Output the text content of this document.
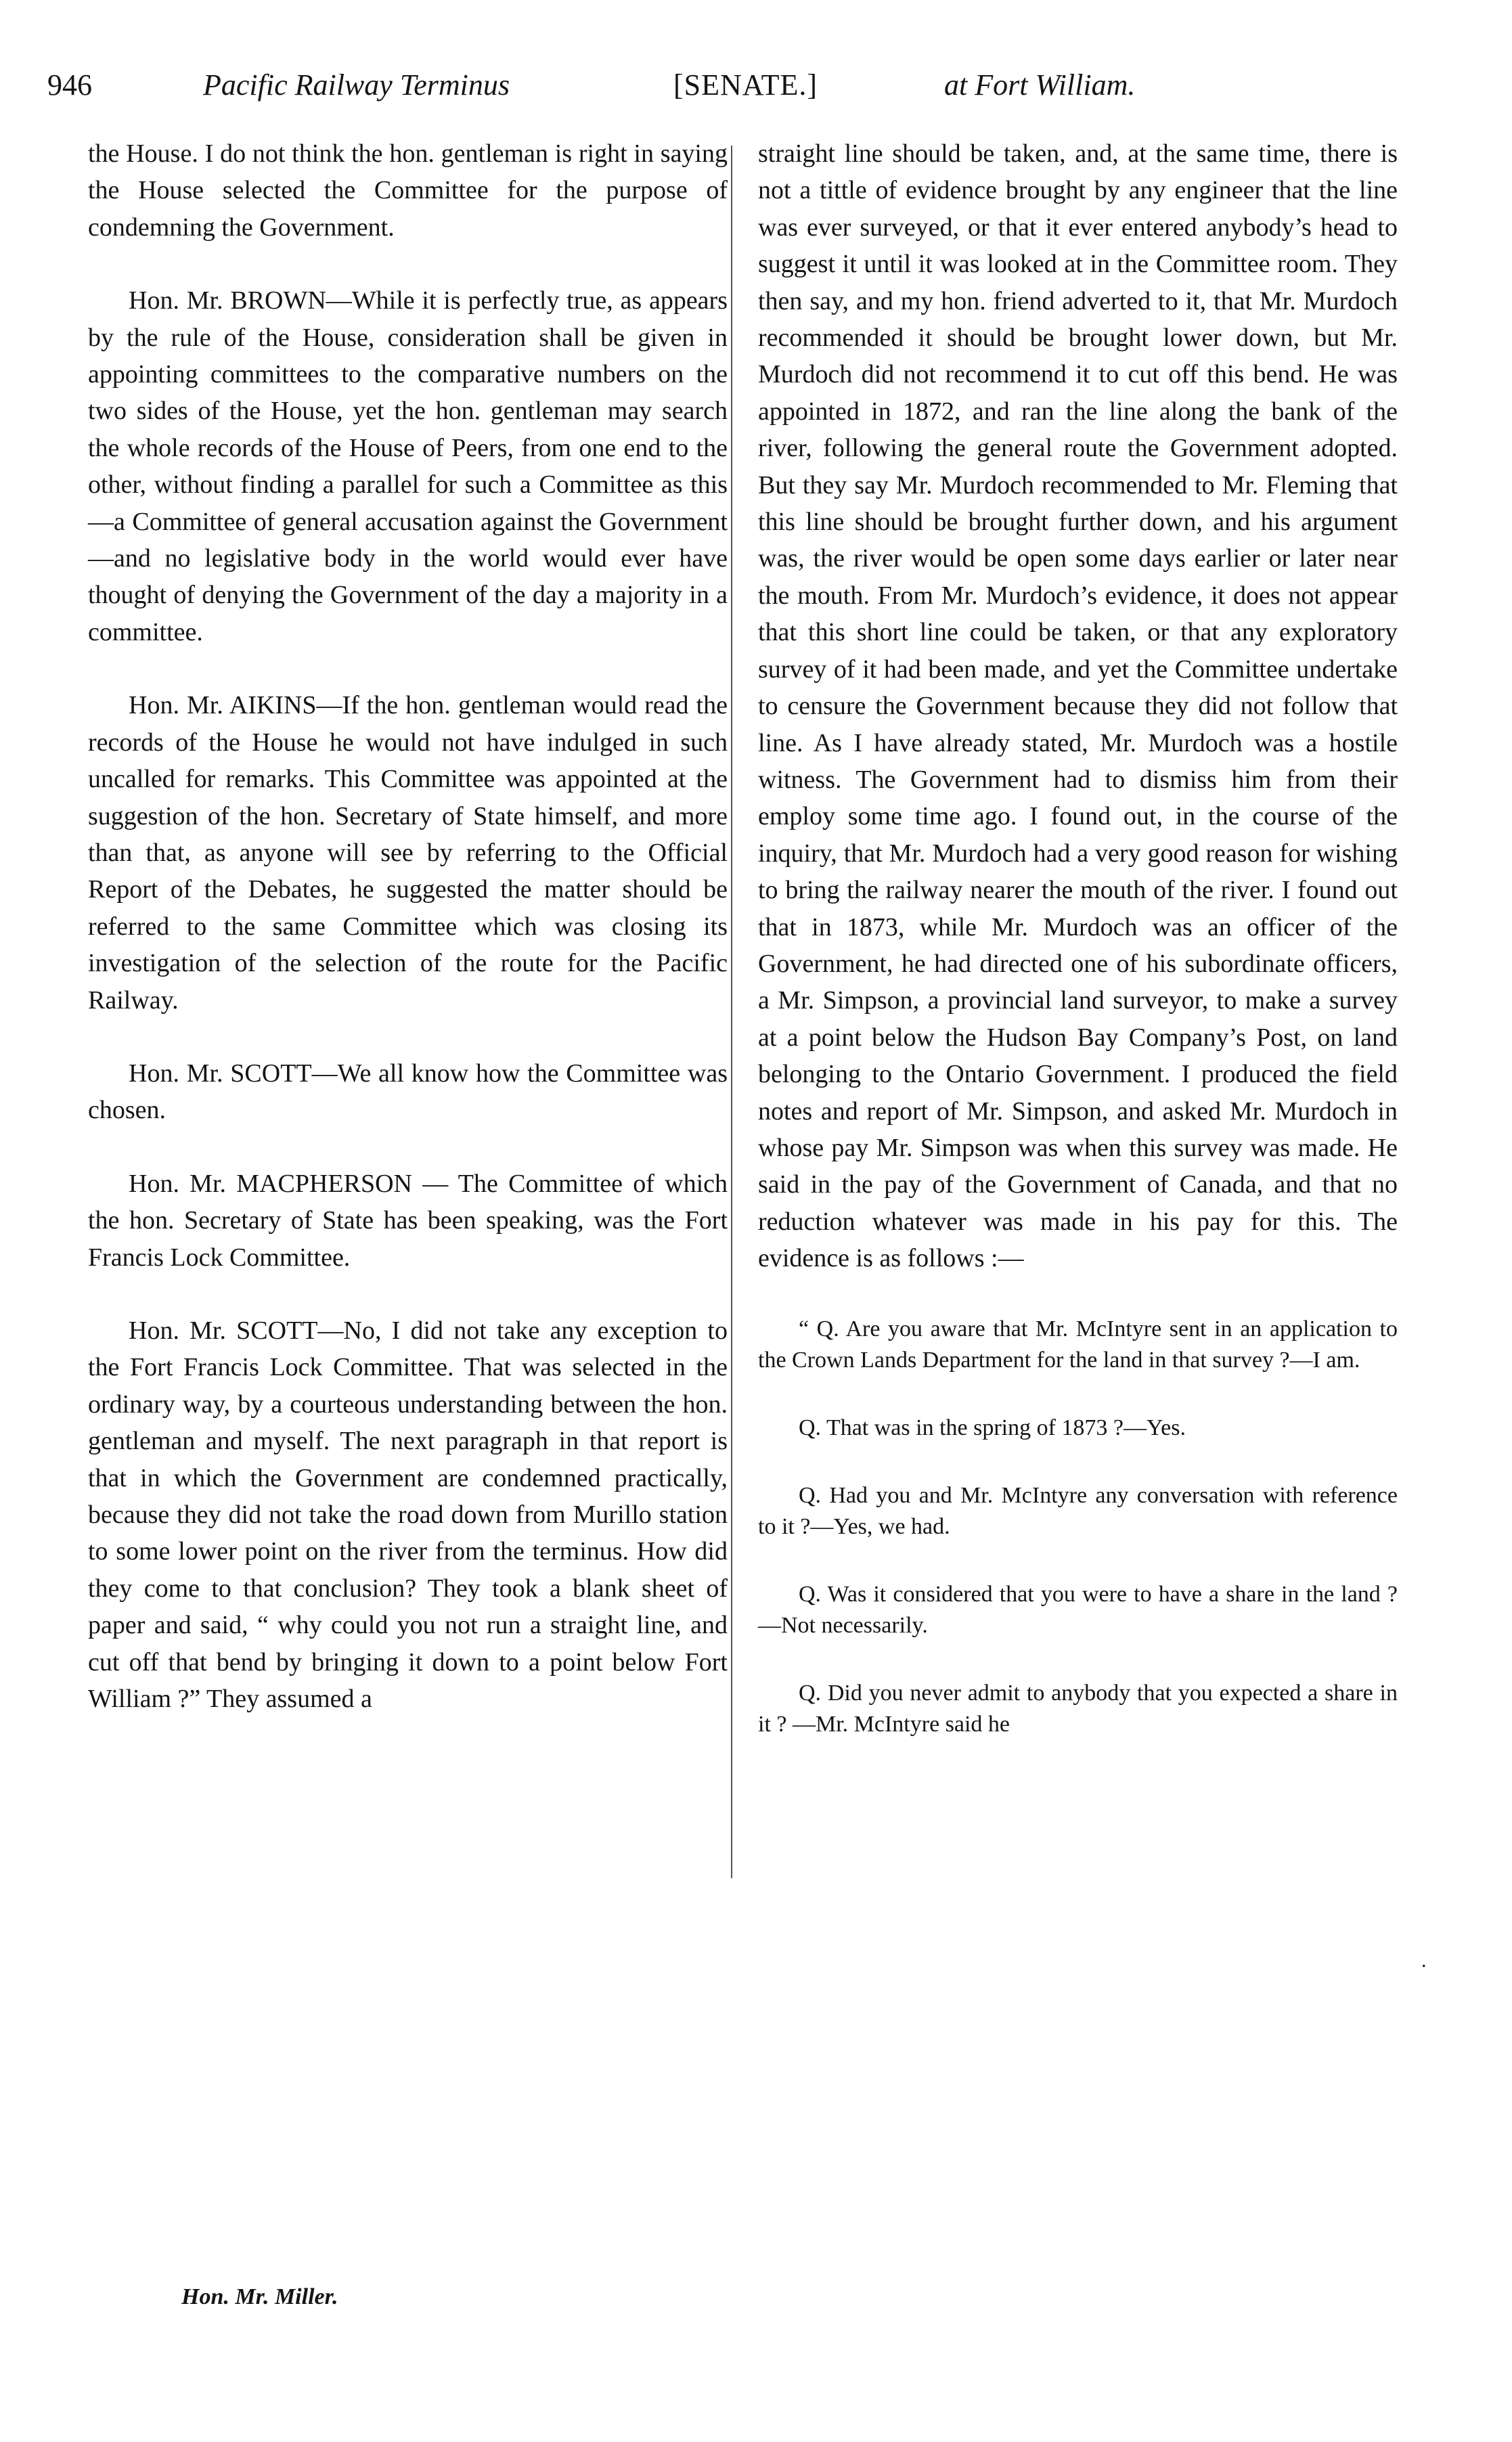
946	Pacific Railway Terminus	[SENATE.]	at Fort William.

the House. I do not think the hon. gentleman is right in saying the House selected the Committee for the purpose of condemning the Government.

Hon. Mr. BROWN—While it is perfectly true, as appears by the rule of the House, consideration shall be given in appointing committees to the comparative numbers on the two sides of the House, yet the hon. gentleman may search the whole records of the House of Peers, from one end to the other, without finding a parallel for such a Committee as this—a Committee of general accusation against the Government—and no legislative body in the world would ever have thought of denying the Government of the day a majority in a committee.

Hon. Mr. AIKINS—If the hon. gentleman would read the records of the House he would not have indulged in such uncalled for remarks. This Committee was appointed at the suggestion of the hon. Secretary of State himself, and more than that, as anyone will see by referring to the Official Report of the Debates, he suggested the matter should be referred to the same Committee which was closing its investigation of the selection of the route for the Pacific Railway.

Hon. Mr. SCOTT—We all know how the Committee was chosen.

Hon. Mr. MACPHERSON — The Committee of which the hon. Secretary of State has been speaking, was the Fort Francis Lock Committee.

Hon. Mr. SCOTT—No, I did not take any exception to the Fort Francis Lock Committee. That was selected in the ordinary way, by a courteous understanding between the hon. gentleman and myself. The next paragraph in that report is that in which the Government are condemned practically, because they did not take the road down from Murillo station to some lower point on the river from the terminus. How did they come to that conclusion? They took a blank sheet of paper and said, “ why could you not run a straight line, and cut off that bend by bringing it down to a point below Fort William ?” They assumed a

straight line should be taken, and, at the same time, there is not a tittle of evidence brought by any engineer that the line was ever surveyed, or that it ever entered anybody’s head to suggest it until it was looked at in the Committee room. They then say, and my hon. friend adverted to it, that Mr. Murdoch recommended it should be brought lower down, but Mr. Murdoch did not recommend it to cut off this bend. He was appointed in 1872, and ran the line along the bank of the river, following the general route the Government adopted. But they say Mr. Murdoch recommended to Mr. Fleming that this line should be brought further down, and his argument was, the river would be open some days earlier or later near the mouth. From Mr. Murdoch’s evidence, it does not appear that this short line could be taken, or that any exploratory survey of it had been made, and yet the Committee undertake to censure the Government because they did not follow that line. As I have already stated, Mr. Murdoch was a hostile witness. The Government had to dismiss him from their employ some time ago. I found out, in the course of the inquiry, that Mr. Murdoch had a very good reason for wishing to bring the railway nearer the mouth of the river. I found out that in 1873, while Mr. Murdoch was an officer of the Government, he had directed one of his subordinate officers, a Mr. Simpson, a provincial land surveyor, to make a survey at a point below the Hudson Bay Company’s Post, on land belonging to the Ontario Government. I produced the field notes and report of Mr. Simpson, and asked Mr. Murdoch in whose pay Mr. Simpson was when this survey was made. He said in the pay of the Government of Canada, and that no reduction whatever was made in his pay for this. The evidence is as follows :—

“ Q. Are you aware that Mr. McIntyre sent in an application to the Crown Lands Department for the land in that survey ?—I am.

Q. That was in the spring of 1873 ?—Yes.

Q. Had you and Mr. McIntyre any conversation with reference to it ?—Yes, we had.

Q. Was it considered that you were to have a share in the land ?—Not necessarily.

Q. Did you never admit to anybody that you expected a share in it ? —Mr. McIntyre said he

Hon. Mr. Miller.
.
